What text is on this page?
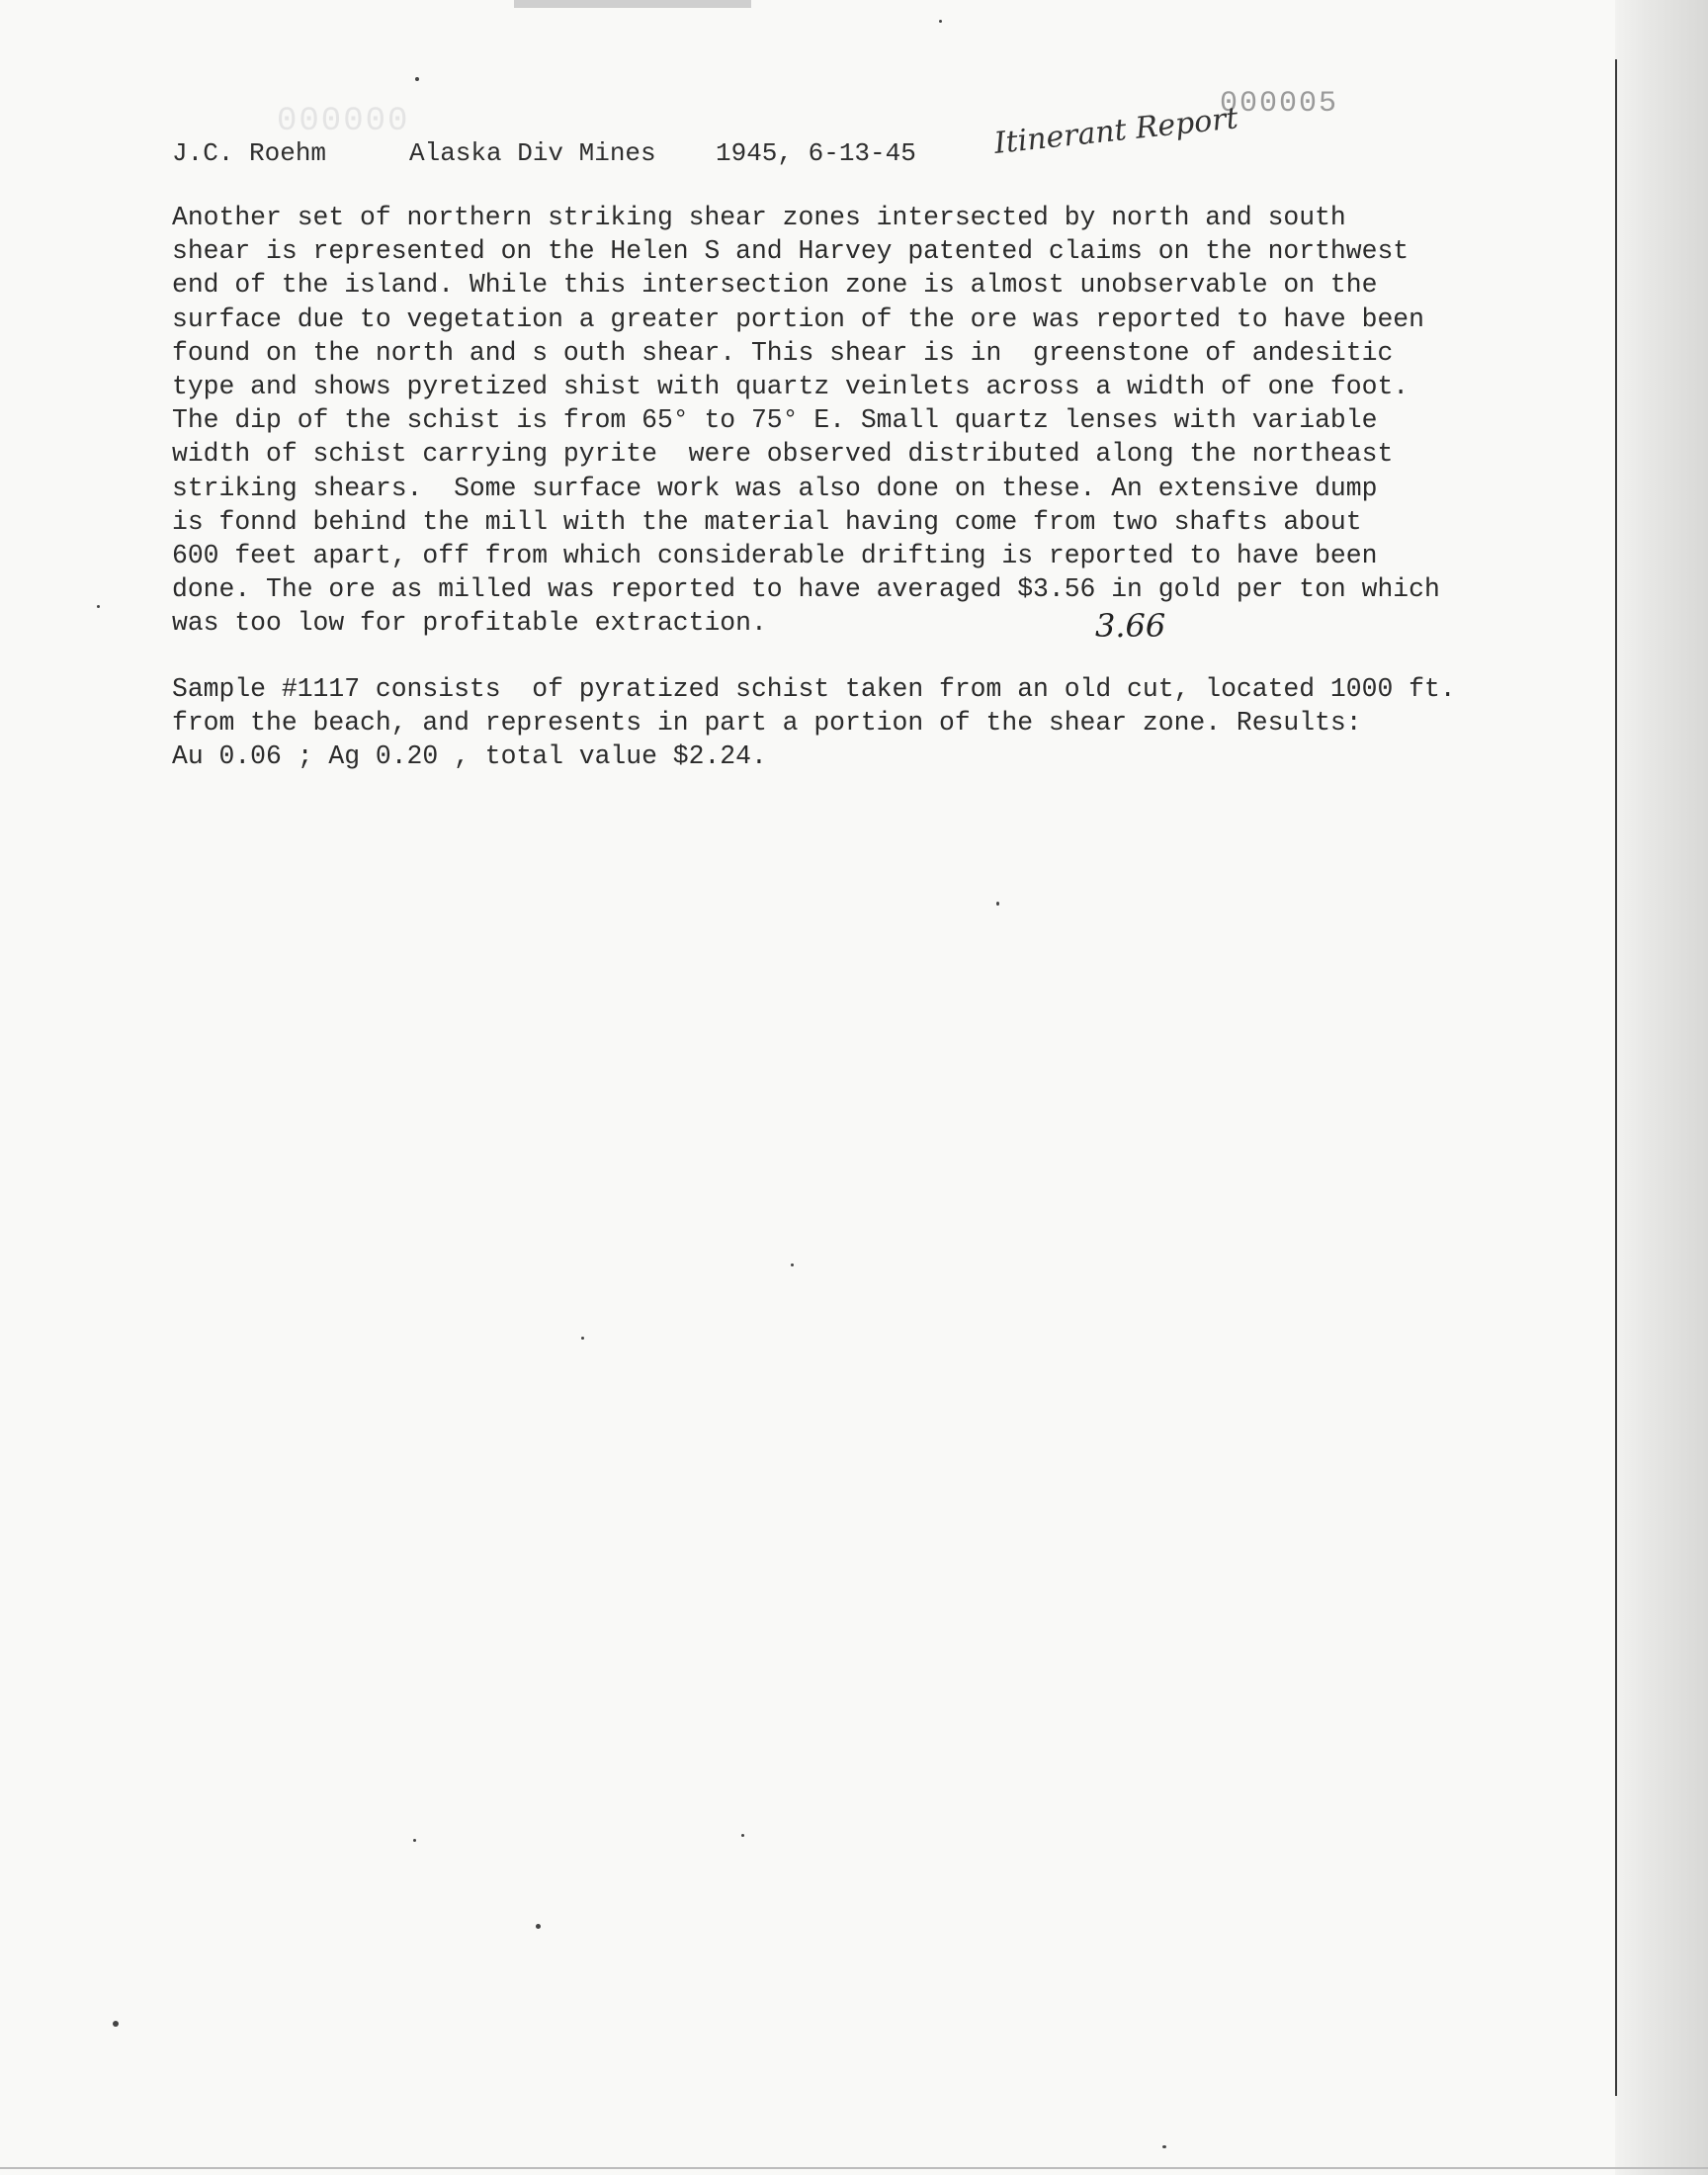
000000	000005
J.C. Roehm	Alaska Div Mines 1945, 6-13-45	Itinerant Report
Another set of northern striking shear zones intersected by north and south
shear is represented on the Helen S and Harvey patented claims on the northwest
end of the island. While this intersection zone is almost unobservable on the
surface due to vegetation a greater portion of the ore was reported to have been
found on the north and s outh shear. This shear is in  greenstone of andesitic
type and shows pyretized shist with quartz veinlets across a width of one foot.
The dip of the schist is from 65° to 75° E. Small quartz lenses with variable
width of schist carrying pyrite  were observed distributed along the northeast
striking shears.  Some surface work was also done on these. An extensive dump
is fonnd behind the mill with the material having come from two shafts about
600 feet apart, off from which considerable drifting is reported to have been
done. The ore as milled was reported to have averaged $3.56 in gold per ton which
was too low for profitable extraction.	3.66
Sample #1117 consists  of pyratized schist taken from an old cut, located 1000 ft.
from the beach, and represents in part a portion of the shear zone. Results:
Au 0.06 ; Ag 0.20 , total value $2.24.
